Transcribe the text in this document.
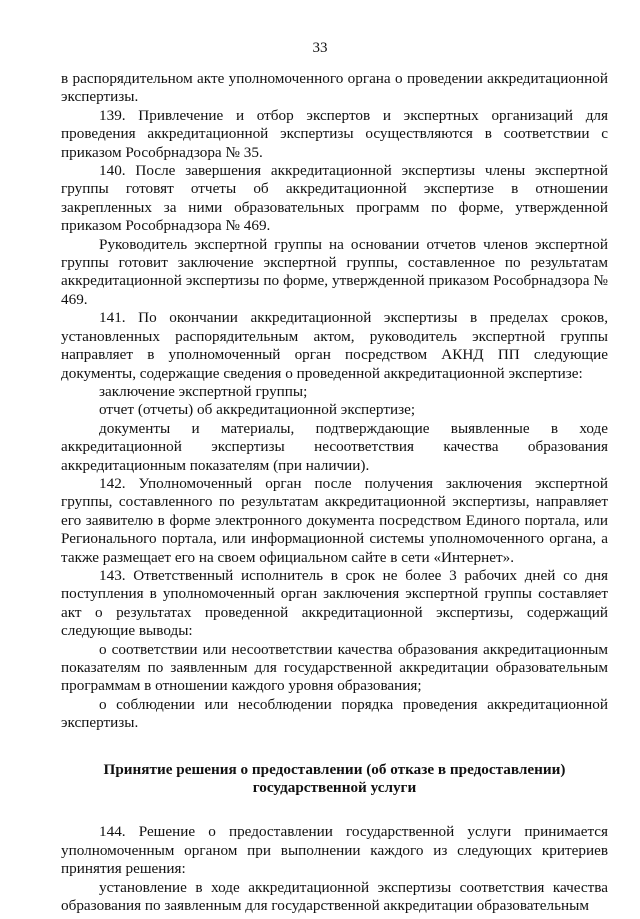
33

в распорядительном акте уполномоченного органа о проведении аккредитационной экспертизы.

139. Привлечение и отбор экспертов и экспертных организаций для проведения аккредитационной экспертизы осуществляются в соответствии с приказом Рособрнадзора № 35.

140. После завершения аккредитационной экспертизы члены экспертной группы готовят отчеты об аккредитационной экспертизе в отношении закрепленных за ними образовательных программ по форме, утвержденной приказом Рособрнадзора № 469.

Руководитель экспертной группы на основании отчетов членов экспертной группы готовит заключение экспертной группы, составленное по результатам аккредитационной экспертизы по форме, утвержденной приказом Рособрнадзора № 469.

141. По окончании аккредитационной экспертизы в пределах сроков, установленных распорядительным актом, руководитель экспертной группы направляет в уполномоченный орган посредством АКНД ПП следующие документы, содержащие сведения о проведенной аккредитационной экспертизе:

заключение экспертной группы;

отчет (отчеты) об аккредитационной экспертизе;

документы и материалы, подтверждающие выявленные в ходе аккредитационной экспертизы несоответствия качества образования аккредитационным показателям (при наличии).

142. Уполномоченный орган после получения заключения экспертной группы, составленного по результатам аккредитационной экспертизы, направляет его заявителю в форме электронного документа посредством Единого портала, или Регионального портала, или информационной системы уполномоченного органа, а также размещает его на своем официальном сайте в сети «Интернет».

143. Ответственный исполнитель в срок не более 3 рабочих дней со дня поступления в уполномоченный орган заключения экспертной группы составляет акт о результатах проведенной аккредитационной экспертизы, содержащий следующие выводы:

о соответствии или несоответствии качества образования аккредитационным показателям по заявленным для государственной аккредитации образовательным программам в отношении каждого уровня образования;

о соблюдении или несоблюдении порядка проведения аккредитационной экспертизы.

Принятие решения о предоставлении (об отказе в предоставлении) государственной услуги

144. Решение о предоставлении государственной услуги принимается уполномоченным органом при выполнении каждого из следующих критериев принятия решения:

установление в ходе аккредитационной экспертизы соответствия качества образования по заявленным для государственной аккредитации образовательным
